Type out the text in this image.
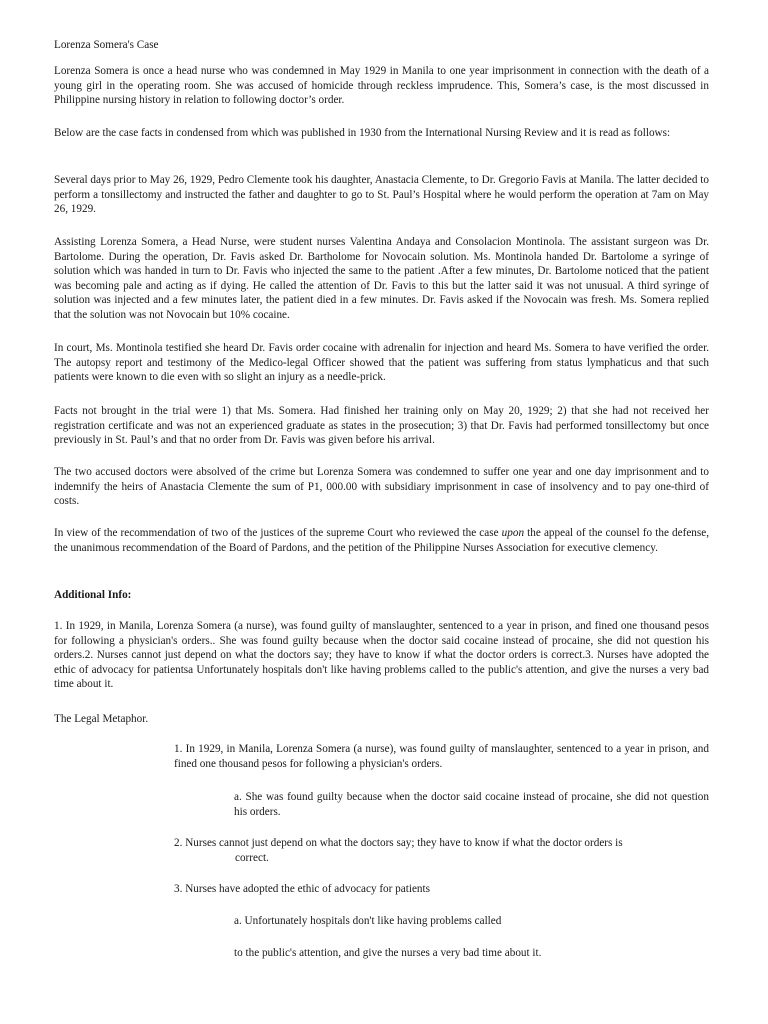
Lorenza Somera's Case

Lorenza Somera is once a head nurse who was condemned in May 1929 in Manila to one year imprisonment in connection with the death of a young girl in the operating room. She was accused of homicide through reckless imprudence. This, Somera’s case, is the most discussed in Philippine nursing history in relation to following doctor’s order.

Below are the case facts in condensed from which was published in 1930 from the International Nursing Review and it is read as follows:

Several days prior to May 26, 1929, Pedro Clemente took his daughter, Anastacia Clemente, to Dr. Gregorio Favis at Manila. The latter decided to perform a tonsillectomy and instructed the father and daughter to go to St. Paul’s Hospital where he would perform the operation at 7am on May 26, 1929.

Assisting Lorenza Somera, a Head Nurse, were student nurses Valentina Andaya and Consolacion Montinola. The assistant surgeon was Dr. Bartolome. During the operation, Dr. Favis asked Dr. Bartholome for Novocain solution. Ms. Montinola handed Dr. Bartolome a syringe of solution which was handed in turn to Dr. Favis who injected the same to the patient .After a few minutes, Dr. Bartolome noticed that the patient was becoming pale and acting as if dying. He called the attention of Dr. Favis to this but the latter said it was not unusual. A third syringe of solution was injected and a few minutes later, the patient died in a few minutes. Dr. Favis asked if the Novocain was fresh. Ms. Somera replied that the solution was not Novocain but 10% cocaine.

In court, Ms. Montinola testified she heard Dr. Favis order cocaine with adrenalin for injection and heard Ms. Somera to have verified the order. The autopsy report and testimony of the Medico-legal Officer showed that the patient was suffering from status lymphaticus and that such patients were known to die even with so slight an injury as a needle-prick.

Facts not brought in the trial were 1) that Ms. Somera. Had finished her training only on May 20, 1929; 2) that she had not received her registration certificate and was not an experienced graduate as states in the prosecution; 3) that Dr. Favis had performed tonsillectomy but once previously in St. Paul’s and that no order from Dr. Favis was given before his arrival.

The two accused doctors were absolved of the crime but Lorenza Somera was condemned to suffer one year and one day imprisonment and to indemnify the heirs of Anastacia Clemente the sum of P1, 000.00 with subsidiary imprisonment in case of insolvency and to pay one-third of costs.

In view of the recommendation of two of the justices of the supreme Court who reviewed the case upon the appeal of the counsel fo the defense, the unanimous recommendation of the Board of Pardons, and the petition of the Philippine Nurses Association for executive clemency.

Additional Info:

1. In 1929, in Manila, Lorenza Somera (a nurse), was found guilty of manslaughter, sentenced to a year in prison, and fined one thousand pesos for following a physician's orders.. She was found guilty because when the doctor said cocaine instead of procaine, she did not question his orders.2. Nurses cannot just depend on what the doctors say; they have to know if what the doctor orders is correct.3. Nurses have adopted the ethic of advocacy for patientsa Unfortunately hospitals don't like having problems called to the public's attention, and give the nurses a very bad time about it.

The Legal Metaphor.

1. In 1929, in Manila, Lorenza Somera (a nurse), was found guilty of manslaughter, sentenced to a year in prison, and fined one thousand pesos for following a physician's orders.

a. She was found guilty because when the doctor said cocaine instead of procaine, she did not question his orders.

2. Nurses cannot just depend on what the doctors say; they have to know if what the doctor orders is
correct.

3. Nurses have adopted the ethic of advocacy for patients

a. Unfortunately hospitals don't like having problems called

to the public's attention, and give the nurses a very bad time about it.
